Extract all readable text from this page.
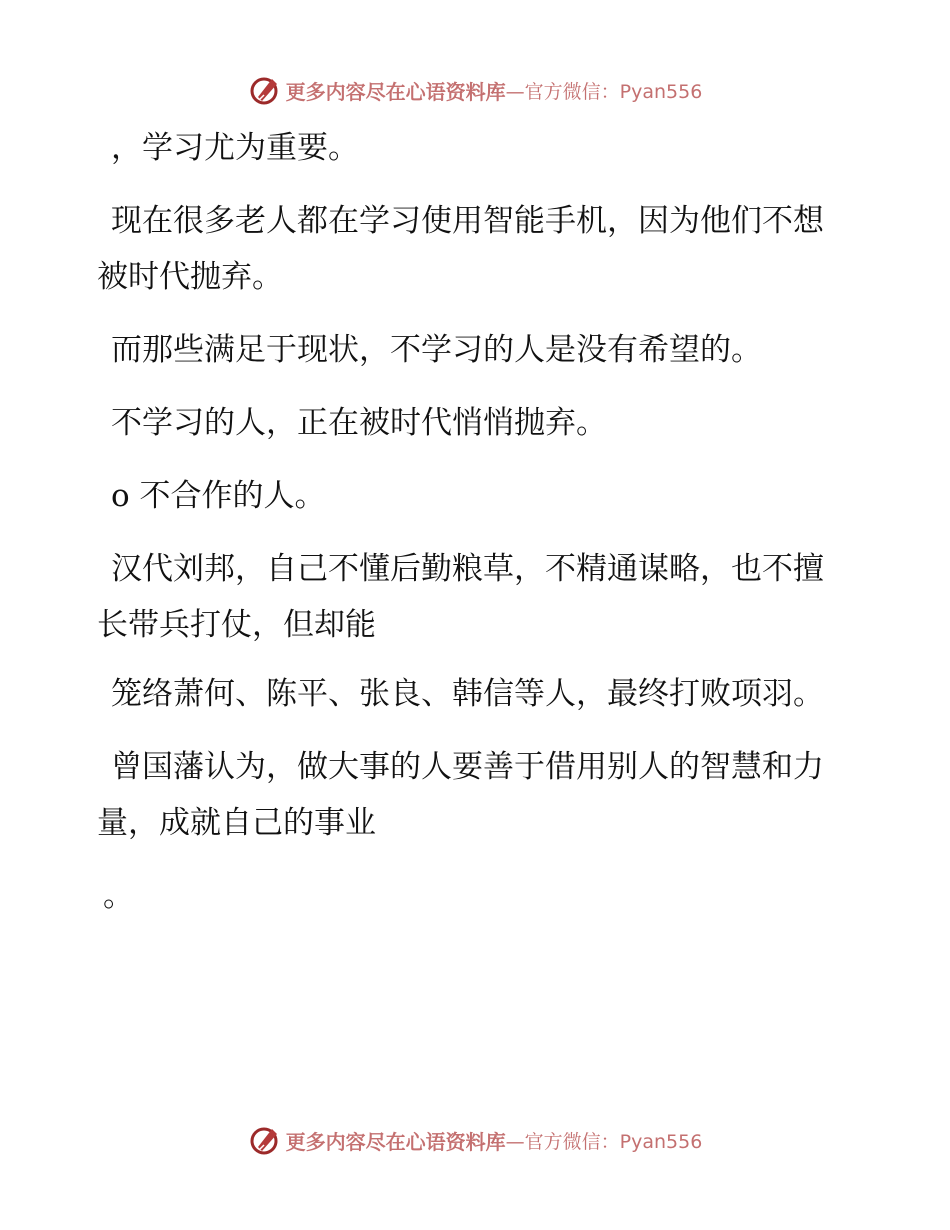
更多内容尽在心语资料库 —官方微信：Pyan556

，学习尤为重要。

现在很多老人都在学习使用智能手机，因为他们不想被时代抛弃。

而那些满足于现状，不学习的人是没有希望的。

不学习的人，正在被时代悄悄抛弃。

o 不合作的人。

汉代刘邦，自己不懂后勤粮草，不精通谋略，也不擅长带兵打仗，但却能

笼络萧何、陈平、张良、韩信等人，最终打败项羽。

曾国藩认为，做大事的人要善于借用别人的智慧和力量，成就自己的事业

。

更多内容尽在心语资料库 —官方微信：Pyan556
